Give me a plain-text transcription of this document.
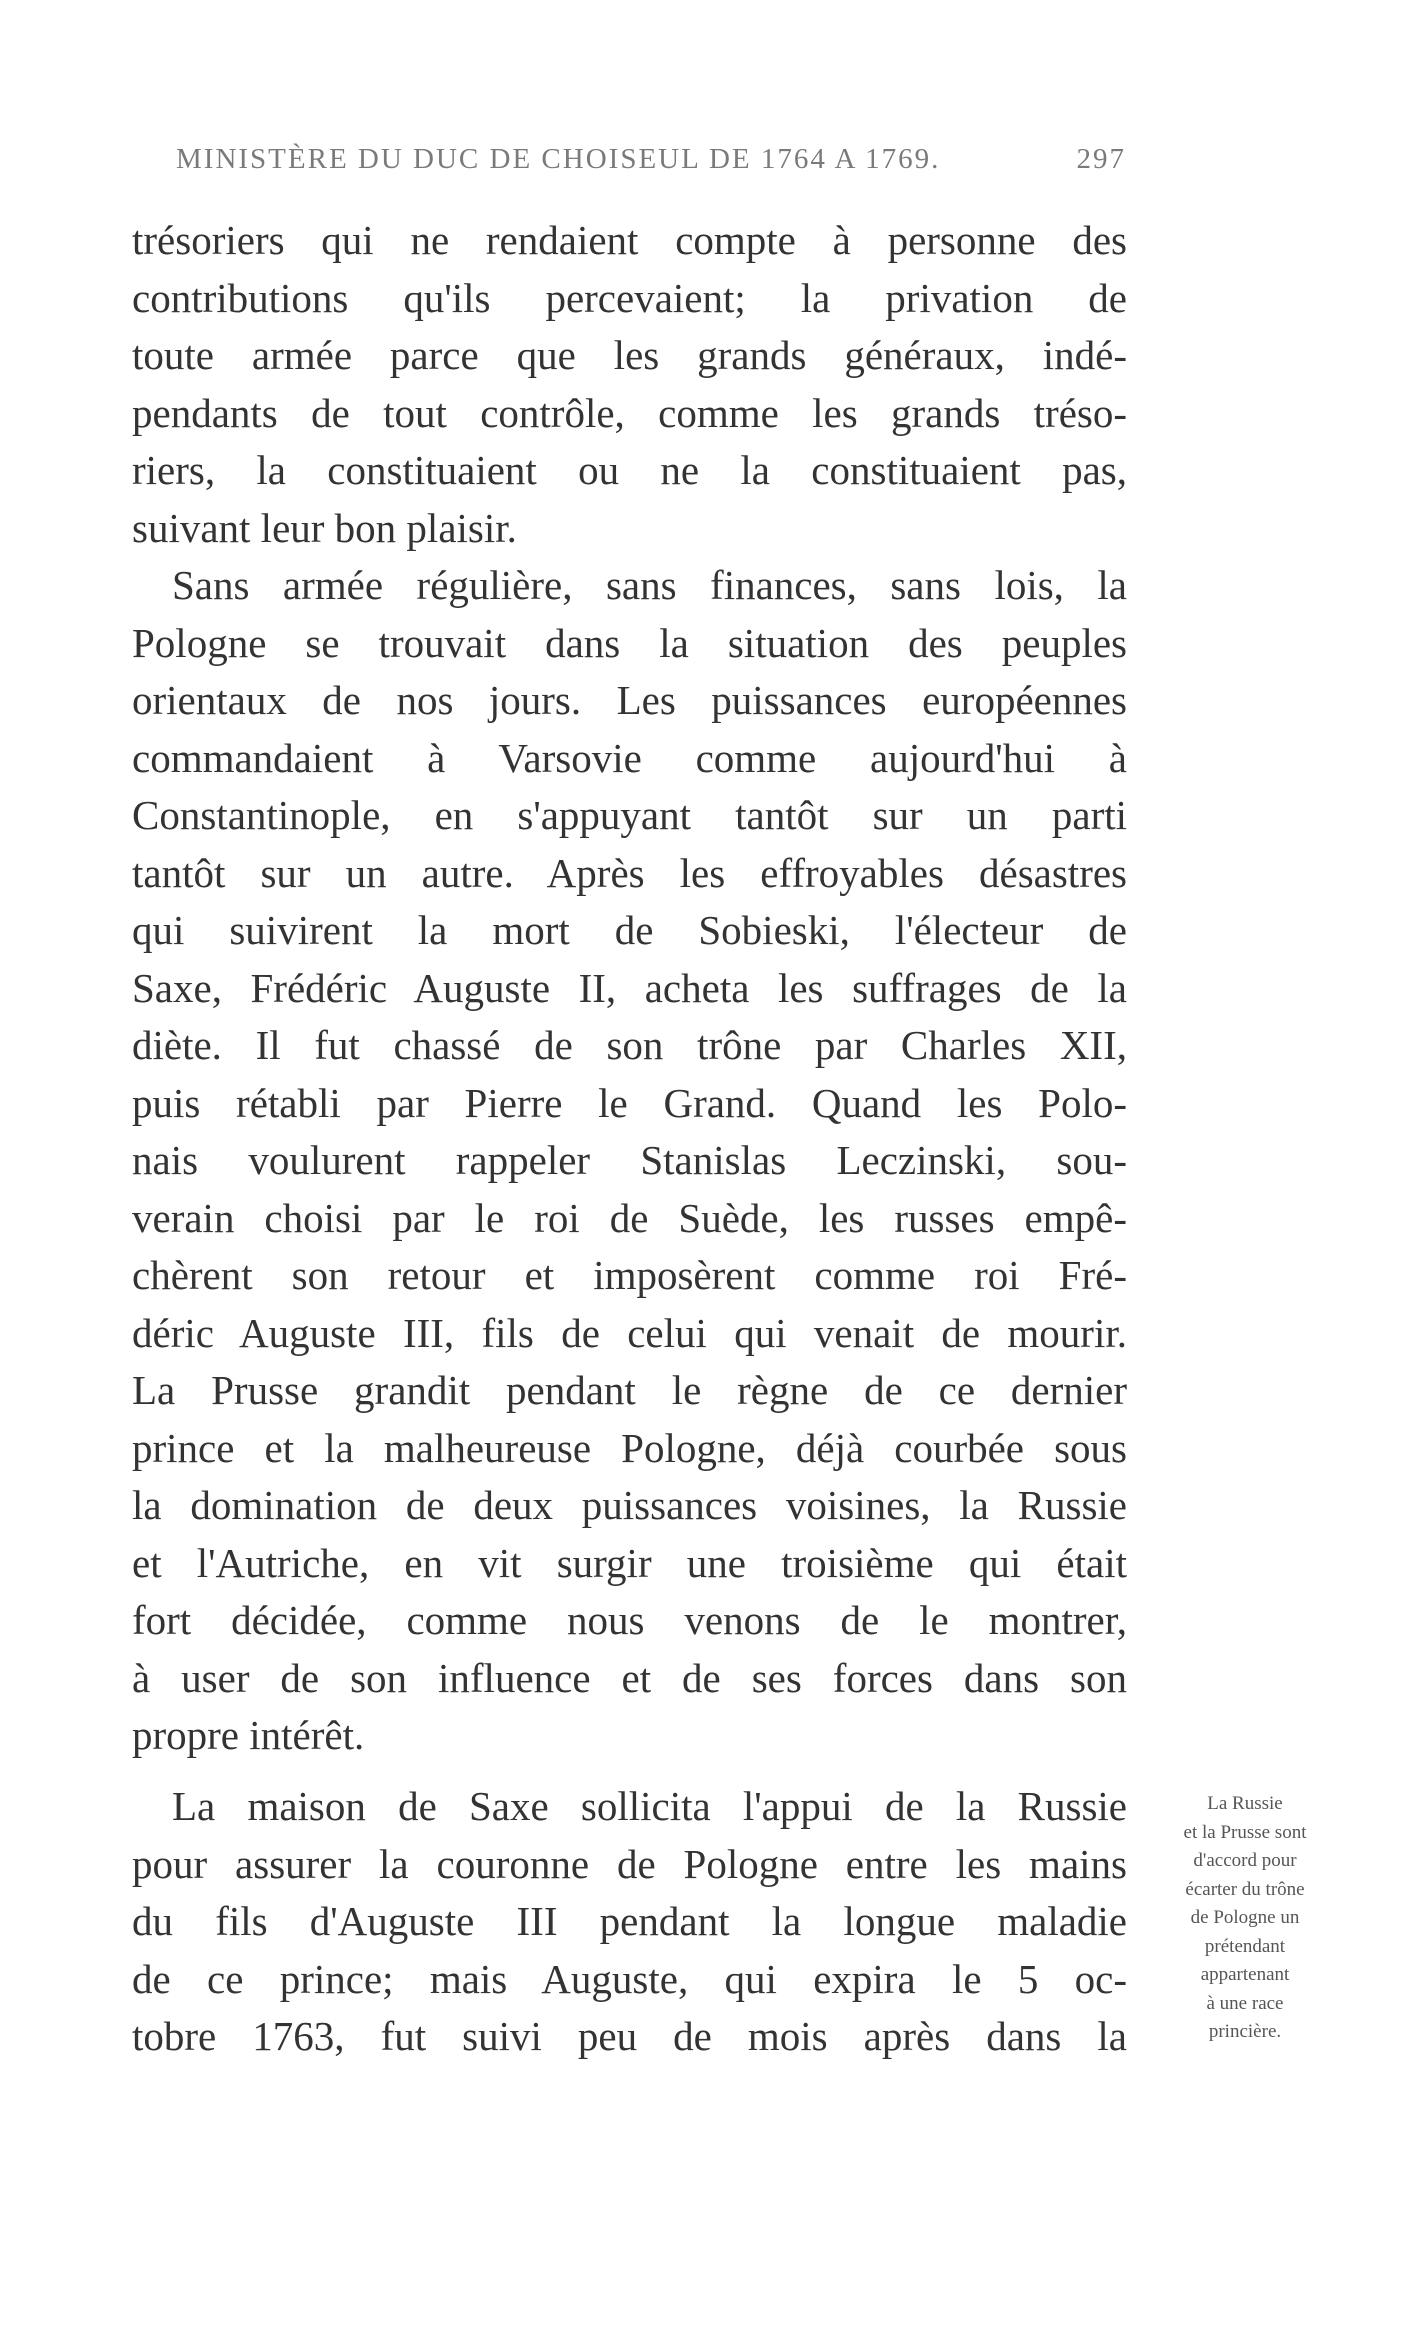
MINISTÈRE DU DUC DE CHOISEUL DE 1764 A 1769.	297
trésoriers qui ne rendaient compte à personne des
contributions qu'ils percevaient; la privation de
toute armée parce que les grands généraux, indé-
pendants de tout contrôle, comme les grands tréso-
riers, la constituaient ou ne la constituaient pas,
suivant leur bon plaisir.
Sans armée régulière, sans finances, sans lois, la
Pologne se trouvait dans la situation des peuples
orientaux de nos jours. Les puissances européennes
commandaient à Varsovie comme aujourd'hui à
Constantinople, en s'appuyant tantôt sur un parti
tantôt sur un autre. Après les effroyables désastres
qui suivirent la mort de Sobieski, l'électeur de
Saxe, Frédéric Auguste II, acheta les suffrages de la
diète. Il fut chassé de son trône par Charles XII,
puis rétabli par Pierre le Grand. Quand les Polo-
nais voulurent rappeler Stanislas Leczinski, sou-
verain choisi par le roi de Suède, les russes empê-
chèrent son retour et imposèrent comme roi Fré-
déric Auguste III, fils de celui qui venait de mourir.
La Prusse grandit pendant le règne de ce dernier
prince et la malheureuse Pologne, déjà courbée sous
la domination de deux puissances voisines, la Russie
et l'Autriche, en vit surgir une troisième qui était
fort décidée, comme nous venons de le montrer,
à user de son influence et de ses forces dans son
propre intérêt.
La maison de Saxe sollicita l'appui de la Russie
pour assurer la couronne de Pologne entre les mains
du fils d'Auguste III pendant la longue maladie
de ce prince; mais Auguste, qui expira le 5 oc-
tobre 1763, fut suivi peu de mois après dans la
La Russie
et la Prusse sont
d'accord pour
écarter du trône
de Pologne un
prétendant
appartenant
à une race
princière.
